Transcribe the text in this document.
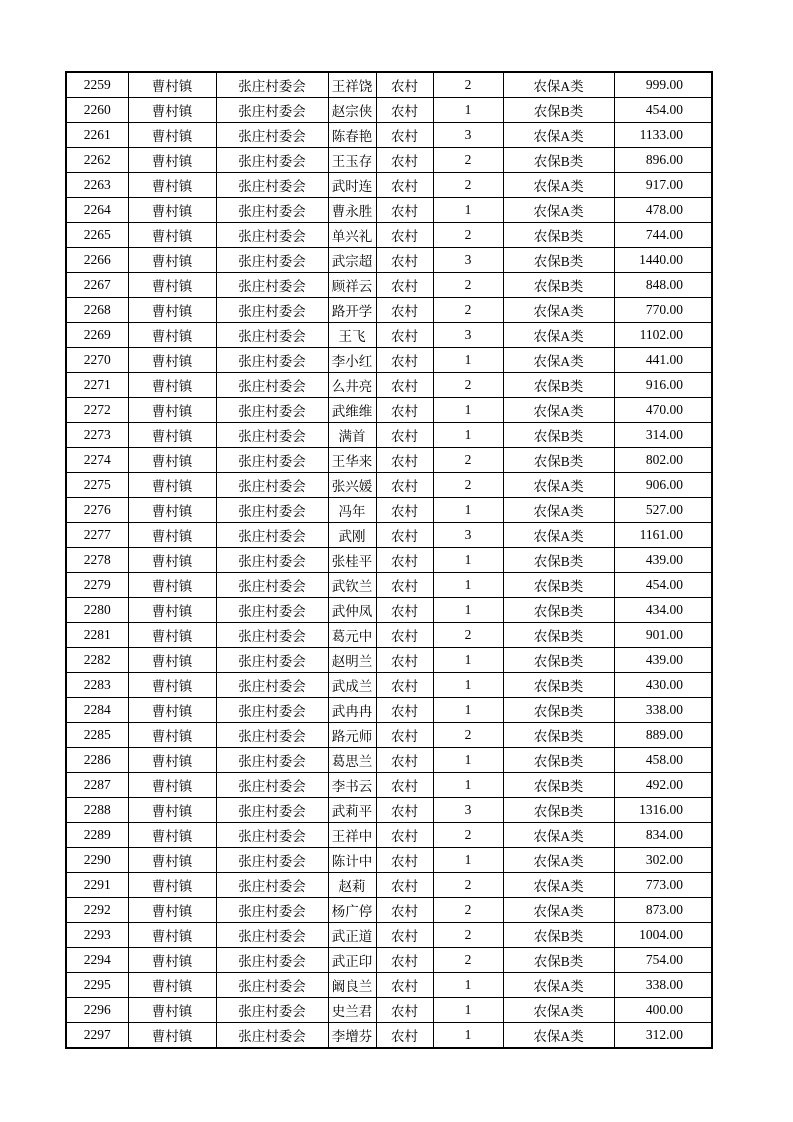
2259	曹村镇	张庄村委会	王祥饶	农村	2	农保A类	999.00
2260	曹村镇	张庄村委会	赵宗侠	农村	1	农保B类	454.00
2261	曹村镇	张庄村委会	陈春艳	农村	3	农保A类	1133.00
2262	曹村镇	张庄村委会	王玉存	农村	2	农保B类	896.00
2263	曹村镇	张庄村委会	武时连	农村	2	农保A类	917.00
2264	曹村镇	张庄村委会	曹永胜	农村	1	农保A类	478.00
2265	曹村镇	张庄村委会	单兴礼	农村	2	农保B类	744.00
2266	曹村镇	张庄村委会	武宗超	农村	3	农保B类	1440.00
2267	曹村镇	张庄村委会	顾祥云	农村	2	农保B类	848.00
2268	曹村镇	张庄村委会	路开学	农村	2	农保A类	770.00
2269	曹村镇	张庄村委会	王飞	农村	3	农保A类	1102.00
2270	曹村镇	张庄村委会	李小红	农村	1	农保A类	441.00
2271	曹村镇	张庄村委会	么井亮	农村	2	农保B类	916.00
2272	曹村镇	张庄村委会	武维维	农村	1	农保A类	470.00
2273	曹村镇	张庄村委会	满首	农村	1	农保B类	314.00
2274	曹村镇	张庄村委会	王华来	农村	2	农保B类	802.00
2275	曹村镇	张庄村委会	张兴媛	农村	2	农保A类	906.00
2276	曹村镇	张庄村委会	冯年	农村	1	农保A类	527.00
2277	曹村镇	张庄村委会	武刚	农村	3	农保A类	1161.00
2278	曹村镇	张庄村委会	张桂平	农村	1	农保B类	439.00
2279	曹村镇	张庄村委会	武钦兰	农村	1	农保B类	454.00
2280	曹村镇	张庄村委会	武仲凤	农村	1	农保B类	434.00
2281	曹村镇	张庄村委会	葛元中	农村	2	农保B类	901.00
2282	曹村镇	张庄村委会	赵明兰	农村	1	农保B类	439.00
2283	曹村镇	张庄村委会	武成兰	农村	1	农保B类	430.00
2284	曹村镇	张庄村委会	武冉冉	农村	1	农保B类	338.00
2285	曹村镇	张庄村委会	路元师	农村	2	农保B类	889.00
2286	曹村镇	张庄村委会	葛思兰	农村	1	农保B类	458.00
2287	曹村镇	张庄村委会	李书云	农村	1	农保B类	492.00
2288	曹村镇	张庄村委会	武莉平	农村	3	农保B类	1316.00
2289	曹村镇	张庄村委会	王祥中	农村	2	农保A类	834.00
2290	曹村镇	张庄村委会	陈计中	农村	1	农保A类	302.00
2291	曹村镇	张庄村委会	赵莉	农村	2	农保A类	773.00
2292	曹村镇	张庄村委会	杨广停	农村	2	农保A类	873.00
2293	曹村镇	张庄村委会	武正道	农村	2	农保B类	1004.00
2294	曹村镇	张庄村委会	武正印	农村	2	农保B类	754.00
2295	曹村镇	张庄村委会	阚良兰	农村	1	农保A类	338.00
2296	曹村镇	张庄村委会	史兰君	农村	1	农保A类	400.00
2297	曹村镇	张庄村委会	李增芬	农村	1	农保A类	312.00
